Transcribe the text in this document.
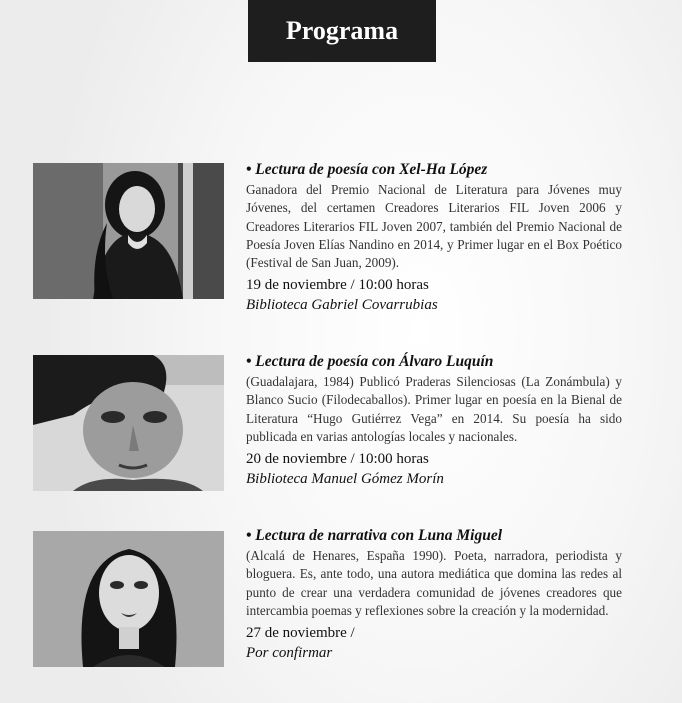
Programa

• Lectura de poesía con Xel-Ha López

Ganadora del Premio Nacional de Literatura para Jóvenes muy Jóvenes, del certamen Creadores Literarios FIL Joven 2006 y Creadores Literarios FIL Joven 2007, también del Premio Nacional de Poesía Joven Elías Nandino en 2014, y Primer lugar en el Box Poético (Festival de San Juan, 2009).

19 de noviembre / 10:00 horas

Biblioteca Gabriel Covarrubias

• Lectura de poesía con Álvaro Luquín

(Guadalajara, 1984) Publicó Praderas Silenciosas (La Zonámbula) y Blanco Sucio (Filodecaballos). Primer lugar en poesía en la Bienal de Literatura “Hugo Gutiérrez Vega” en 2014. Su poesía ha sido publicada en varias antologías locales y nacionales.

20 de noviembre / 10:00 horas

Biblioteca Manuel Gómez Morín

• Lectura de narrativa con Luna Miguel

(Alcalá de Henares, España 1990). Poeta, narradora, periodista y bloguera. Es, ante todo, una autora mediática que domina las redes al punto de crear una verdadera comunidad de jóvenes creadores que intercambia poemas y reflexiones sobre la creación y la modernidad.

27 de noviembre /

Por confirmar
